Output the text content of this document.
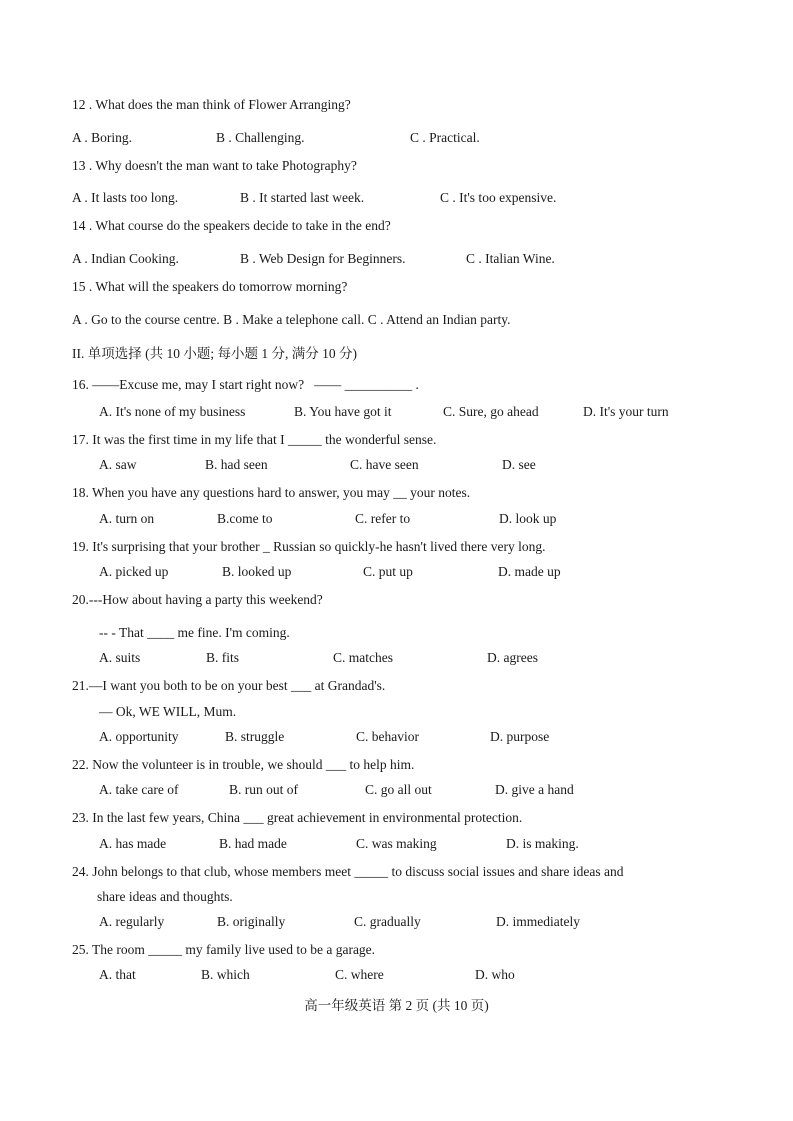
12 . What does the man think of Flower Arranging?
A . Boring.	B . Challenging.	C . Practical.
13 . Why doesn't the man want to take Photography?
A . It lasts too long.	B . It started last week.	C . It's too expensive.
14 . What course do the speakers decide to take in the end?
A . Indian Cooking.	B . Web Design for Beginners.	C . Italian Wine.
15 . What will the speakers do tomorrow morning?
A . Go to the course centre. B . Make a telephone call. C . Attend an Indian party.
II. 单项选择 (共 10 小题; 每小题 1 分, 满分 10 分)
16. ——Excuse me, may I start right now?   —— __________ .
A. It's none of my business	B. You have got it	C. Sure, go ahead	D. It's your turn
17. It was the first time in my life that I _____ the wonderful sense.
A. saw	B. had seen	C. have seen	D. see
18. When you have any questions hard to answer, you may __ your notes.
A. turn on	B.come to	C. refer to	D. look up
19. It's surprising that your brother _ Russian so quickly-he hasn't lived there very long.
A. picked up	B. looked up	C. put up	D. made up
20.---How about having a party this weekend?
-- - That ____ me fine. I'm coming.
A. suits	B. fits	C. matches	D. agrees
21.—I want you both to be on your best ___ at Grandad's.
— Ok, WE WILL, Mum.
A. opportunity	B. struggle	C. behavior	D. purpose
22. Now the volunteer is in trouble, we should ___ to help him.
A. take care of	B. run out of	C. go all out	D. give a hand
23. In the last few years, China ___ great achievement in environmental protection.
A. has made	B. had made	C. was making	D. is making.
24. John belongs to that club, whose members meet _____ to discuss social issues and share ideas and
share ideas and thoughts.
A. regularly	B. originally	C. gradually	D. immediately
25. The room _____ my family live used to be a garage.
A. that	B. which	C. where	D. who
高一年级英语 第 2 页 (共 10 页)
